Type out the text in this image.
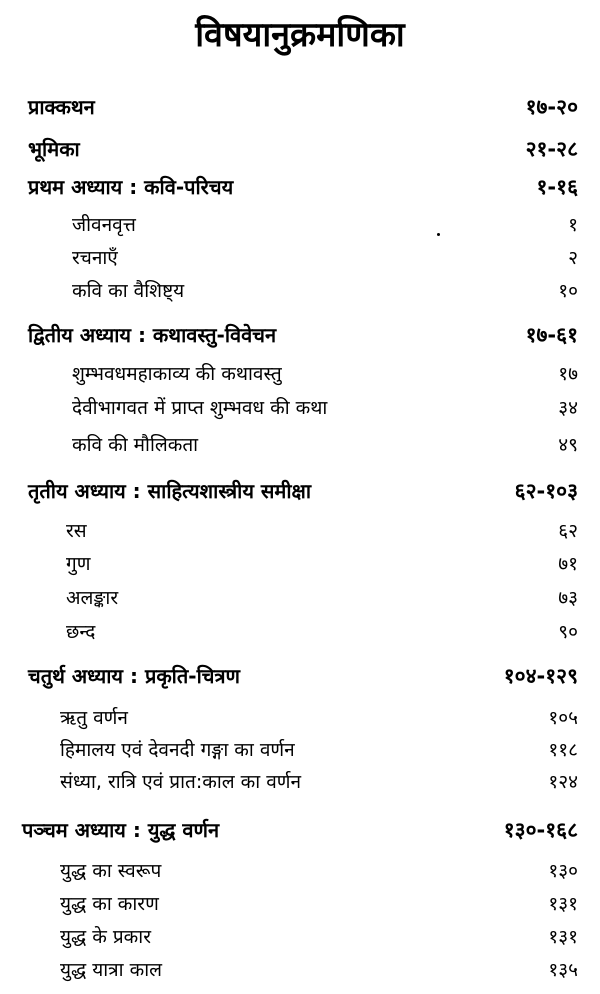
विषयानुक्रमणिका
प्राक्कथन	१७-२०
भूमिका	२१-२८
प्रथम अध्याय : कवि-परिचय	१-१६
जीवनवृत्त	१
रचनाएँ	२
कवि का वैशिष्ट्य	१०
द्वितीय अध्याय : कथावस्तु-विवेचन	१७-६१
शुम्भवधमहाकाव्य की कथावस्तु	१७
देवीभागवत में प्राप्त शुम्भवध की कथा	३४
कवि की मौलिकता	४९
तृतीय अध्याय : साहित्यशास्त्रीय समीक्षा	६२-१०३
रस	६२
गुण	७१
अलङ्कार	७३
छन्द	९०
चतुर्थ अध्याय : प्रकृति-चित्रण	१०४-१२९
ऋतु वर्णन	१०५
हिमालय एवं देवनदी गङ्गा का वर्णन	११८
संध्या, रात्रि एवं प्रात:काल का वर्णन	१२४
पञ्चम अध्याय : युद्ध वर्णन	१३०-१६८
युद्ध का स्वरूप	१३०
युद्ध का कारण	१३१
युद्ध के प्रकार	१३१
युद्ध यात्रा काल	१३५
